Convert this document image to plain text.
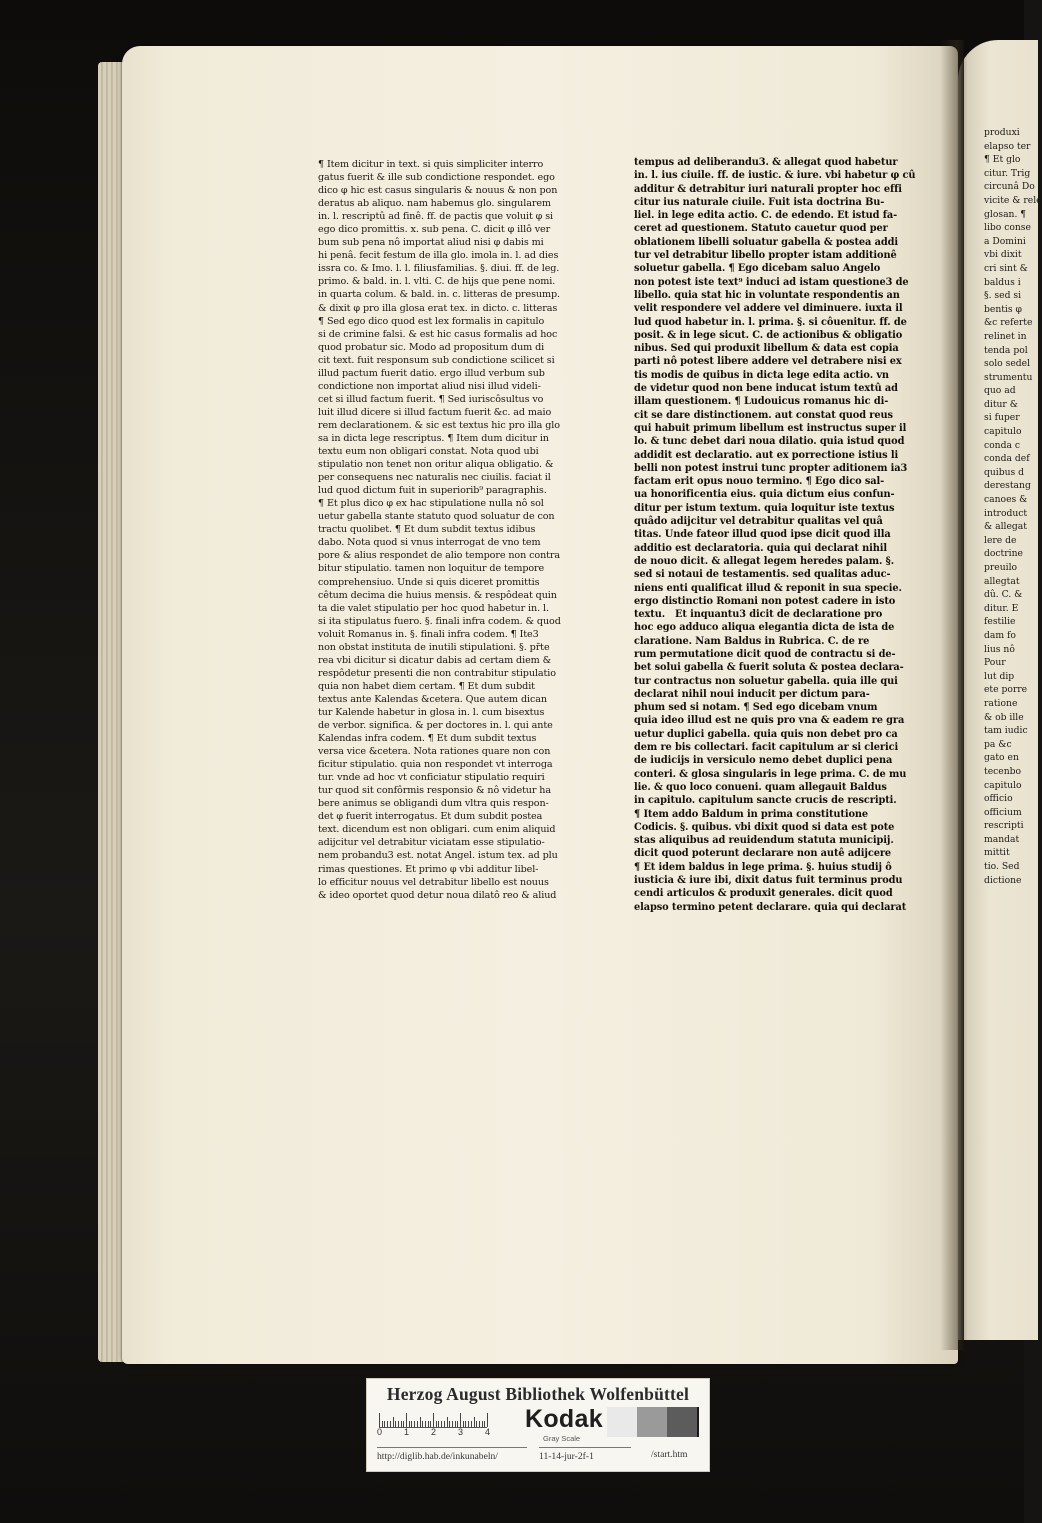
¶ Item dicitur in text. si quis simpliciter interro
gatus fuerit & ille sub condictione respondet. ego
dico φ hic est casus singularis & nouus & non pon
deratus ab aliquo. nam habemus glo. singularem
in. l. rescriptû ad finê. ff. de pactis que voluit φ si
ego dico promittis. x. sub pena. C. dicit φ illô ver
bum sub pena nô importat aliud nisi φ dabis mi
hi penâ. fecit festum de illa glo. imola in. l. ad dies
issra co. & Imo. l. l. filiusfamilias. §. diui. ff. de leg.
primo. & bald. in. l. vlti. C. de hijs que pene nomi.
in quarta colum. & bald. in. c. litteras de presump.
& dixit φ pro illa glosa erat tex. in dicto. c. litteras
¶ Sed ego dico quod est lex formalis in capitulo
si de crimine falsi. & est hic casus formalis ad hoc
quod probatur sic. Modo ad propositum dum di
cit text. fuit responsum sub condictione scilicet si
illud pactum fuerit datio. ergo illud verbum sub
condictione non importat aliud nisi illud videli-
cet si illud factum fuerit. ¶ Sed iuriscôsultus vo
luit illud dicere si illud factum fuerit &c. ad maio
rem declarationem. & sic est textus hic pro illa glo
sa in dicta lege rescriptus. ¶ Item dum dicitur in
textu eum non obligari constat. Nota quod ubi
stipulatio non tenet non oritur aliqua obligatio. &
per consequens nec naturalis nec ciuilis. faciat il
lud quod dictum fuit in superiorib⁹ paragraphis.
¶ Et plus dico φ ex hac stipulatione nulla nô sol
uetur gabella stante statuto quod soluatur de con
tractu quolibet. ¶ Et dum subdit textus idibus
dabo. Nota quod si vnus interrogat de vno tem
pore & alius respondet de alio tempore non contra
bitur stipulatio. tamen non loquitur de tempore
comprehensiuo. Unde si quis diceret promittis
cêtum decima die huius mensis. & respôdeat quin
ta die valet stipulatio per hoc quod habetur in. l.
si ita stipulatus fuero. §. finali infra codem. & quod
voluit Romanus in. §. finali infra codem. ¶ Ite3
non obstat instituta de inutili stipulationi. §. pr̄te
rea vbi dicitur si dicatur dabis ad certam diem &
respôdetur presenti die non contrabitur stipulatio
quia non habet diem certam. ¶ Et dum subdit
textus ante Kalendas &cetera. Que autem dican
tur Kalende habetur in glosa in. l. cum bisextus
de verbor. significa. & per doctores in. l. qui ante
Kalendas infra codem. ¶ Et dum subdit textus
versa vice &cetera. Nota rationes quare non con
ficitur stipulatio. quia non respondet vt interroga
tur. vnde ad hoc vt conficiatur stipulatio requiri
tur quod sit confôrmis responsio & nô videtur ha
bere animus se obligandi dum vltra quis respon-
det φ fuerit interrogatus. Et dum subdit postea
text. dicendum est non obligari. cum enim aliquid
adijcitur vel detrabitur viciatam esse stipulatio-
nem probandu3 est. notat Angel. istum tex. ad plu
rimas questiones. Et primo φ vbi additur libel-
lo efficitur nouus vel detrabitur libello est nouus
& ideo oportet quod detur noua dilatô reo & aliud
tempus ad deliberandu3. & allegat quod habetur
in. l. ius ciuile. ff. de iustic. & iure. vbi habetur φ cû
additur & detrabitur iuri naturali propter hoc effi
citur ius naturale ciuile. Fuit ista doctrina Bu-
liel. in lege edita actio. C. de edendo. Et istud fa-
ceret ad questionem. Statuto cauetur quod per
oblationem libelli soluatur gabella & postea addi
tur vel detrabitur libello propter istam additionê
soluetur gabella. ¶ Ego dicebam saluo Angelo
non potest iste text⁹ induci ad istam questione3 de
libello. quia stat hic in voluntate respondentis an
velit respondere vel addere vel diminuere. iuxta il
lud quod habetur in. l. prima. §. si côuenitur. ff. de
posit. & in lege sicut. C. de actionibus & obligatio
nibus. Sed qui produxit libellum & data est copia
parti nô potest libere addere vel detrabere nisi ex
tis modis de quibus in dicta lege edita actio. vn
de videtur quod non bene inducat istum textû ad
illam questionem. ¶ Ludouicus romanus hic di-
cit se dare distinctionem. aut constat quod reus
qui habuit primum libellum est instructus super il
lo. & tunc debet dari noua dilatio. quia istud quod
addidit est declaratio. aut ex porrectione istius li
belli non potest instrui tunc propter aditionem ia3
factam erit opus nouo termino. ¶ Ego dico sal-
ua honorificentia eius. quia dictum eius confun-
ditur per istum textum. quia loquitur iste textus
quâdo adijcitur vel detrabitur qualitas vel quâ
titas. Unde fateor illud quod ipse dicit quod illa
additio est declaratoria. quia qui declarat nihil
de nouo dicit. & allegat legem heredes palam. §.
sed si notaui de testamentis. sed qualitas aduc-
niens enti qualificat illud & reponit in sua specie.
ergo distinctio Romani non potest cadere in isto
textu.   Et inquantu3 dicit de declaratione pro
hoc ego adduco aliqua elegantia dicta de ista de
claratione. Nam Baldus in Rubrica. C. de re
rum permutatione dicit quod de contractu si de-
bet solui gabella & fuerit soluta & postea declara-
tur contractus non soluetur gabella. quia ille qui
declarat nihil noui inducit per dictum para-
phum sed si notam. ¶ Sed ego dicebam vnum
quia ideo illud est ne quis pro vna & eadem re gra
uetur duplici gabella. quia quis non debet pro ca
dem re bis collectari. facit capitulum ar si clerici
de iudicijs in versiculo nemo debet duplici pena
conteri. & glosa singularis in lege prima. C. de mu
lie. & quo loco conueni. quam allegauit Baldus
in capitulo. capitulum sancte crucis de rescripti.
¶ Item addo Baldum in prima constitutione
Codicis. §. quibus. vbi dixit quod si data est pote
stas aliquibus ad reuidendum statuta municipij.
dicit quod poterunt declarare non autê adijcere
¶ Et idem baldus in lege prima. §. huius studij ô
iusticia & iure ibi, dixit datus fuit terminus produ
cendi articulos & produxit generales. dicit quod
elapso termino petent declarare. quia qui declarat
produxi
elapso ter
¶ Et glo
citur. Trig
circunâ Do
vicite & rele
glosan. ¶
libo conse
a Domini
vbi dixit
cri sint &
baldus i
§. sed si
bentis φ
&c referte
relinet in
tenda pol
solo sedel
strumentu
quo ad
ditur &
si fuper
capitulo
conda c
conda def
quibus d
derestang
canoes &
introduct
& allegat
lere de
doctrine
preuilo
allegtat
dû. C. &
ditur. E
festilie
dam fo
lius nô
Pour
lut dip
ete porre
ratione
& ob ille
tam iudic
pa &c
gato en
tecenbo
capitulo
officio
officium
rescripti
mandat
mittit
tio. Sed
dictione
Herzog August Bibliothek Wolfenbüttel
0 1 2 3 4 Kodak
Gray Scale
http://diglib.hab.de/inkunabeln/	11-14-jur-2f-1	/start.htm
